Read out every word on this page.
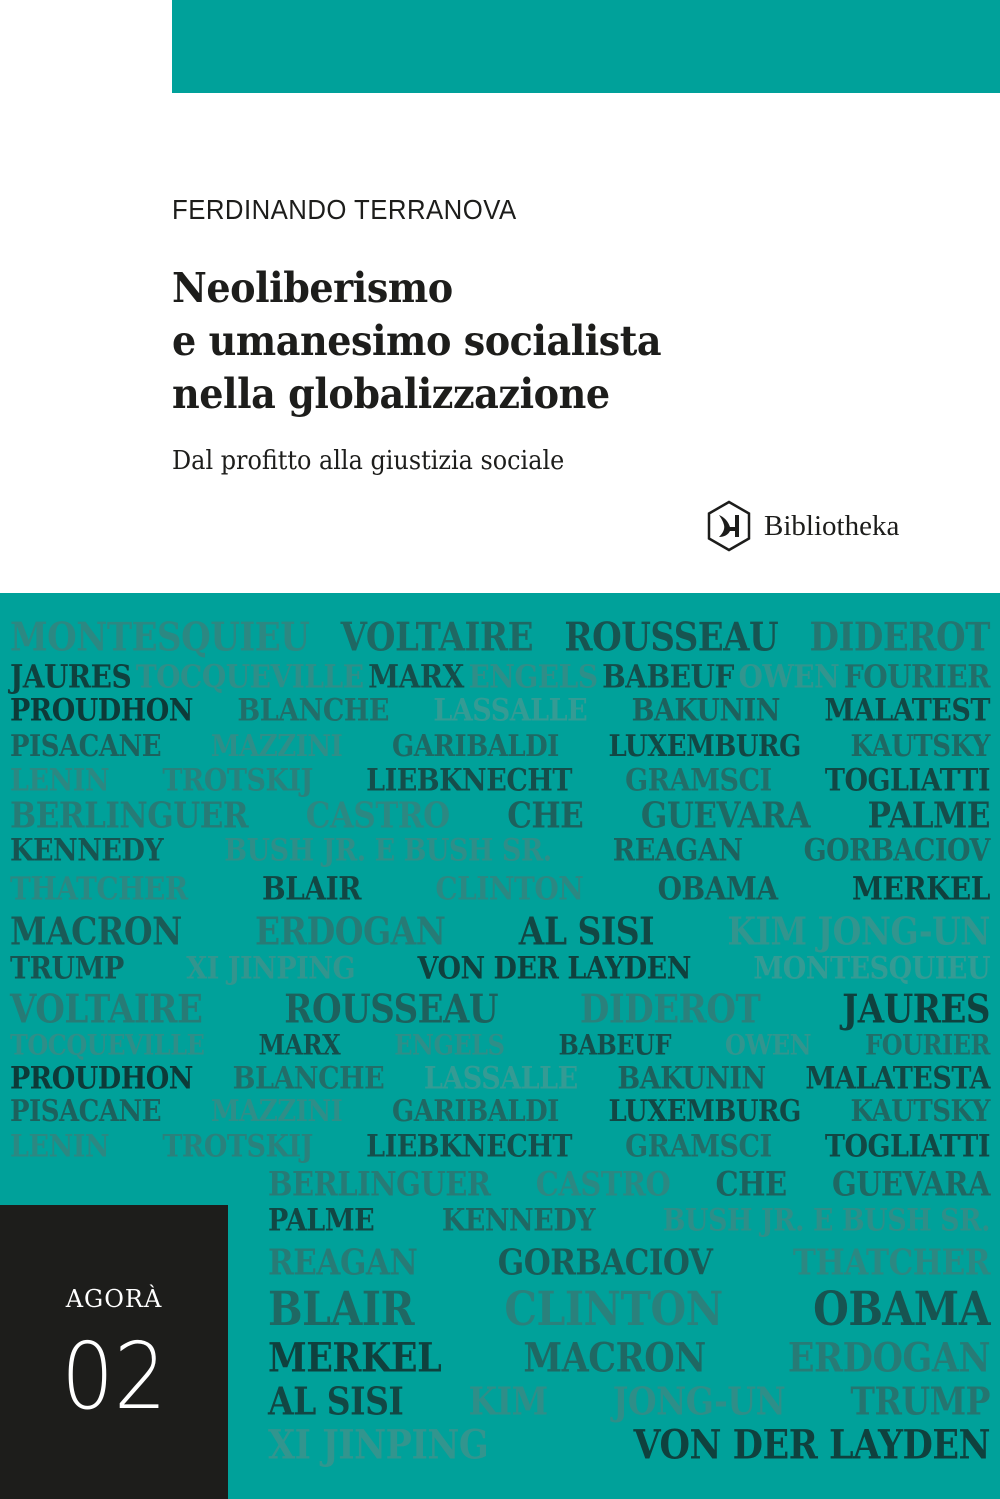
FERDINANDO TERRANOVA
Neoliberismo
e umanesimo socialista
nella globalizzazione
Dal profitto alla giustizia sociale
Bibliotheka
MONTESQUIEU VOLTAIRE ROUSSEAU DIDEROT
JAURES TOCQUEVILLE MARX ENGELS BABEUF OWEN FOURIER
PROUDHON BLANCHE LASSALLE BAKUNIN MALATEST
PISACANE MAZZINI GARIBALDI LUXEMBURG KAUTSKY
LENIN TROTSKIJ LIEBKNECHT GRAMSCI TOGLIATTI
BERLINGUER CASTRO CHE GUEVARA PALME
KENNEDY BUSH JR. E BUSH SR. REAGAN GORBACIOV
THATCHER	BLAIR	CLINTON	OBAMA	MERKEL
MACRON ERDOGAN AL SISI KIM JONG-UN
TRUMP XI JINPING VON DER LAYDEN MONTESQUIEU
VOLTAIRE ROUSSEAU DIDEROT JAURES
TOCQUEVILLE MARX ENGELS BABEUF OWEN FOURIER
PROUDHON BLANCHE LASSALLE BAKUNIN MALATESTA
PISACANE MAZZINI GARIBALDI LUXEMBURG KAUTSKY
LENIN TROTSKIJ LIEBKNECHT GRAMSCI TOGLIATTI
BERLINGUER CASTRO CHE GUEVARA
PALME	KENNEDY	BUSH JR. E BUSH SR.
REAGAN	GORBACIOV	THATCHER
BLAIR CLINTON OBAMA
MERKEL MACRON ERDOGAN
AL SISI KIM JONG-UN TRUMP
XI JINPING	VON DER LAYDEN
AGORÀ
02
